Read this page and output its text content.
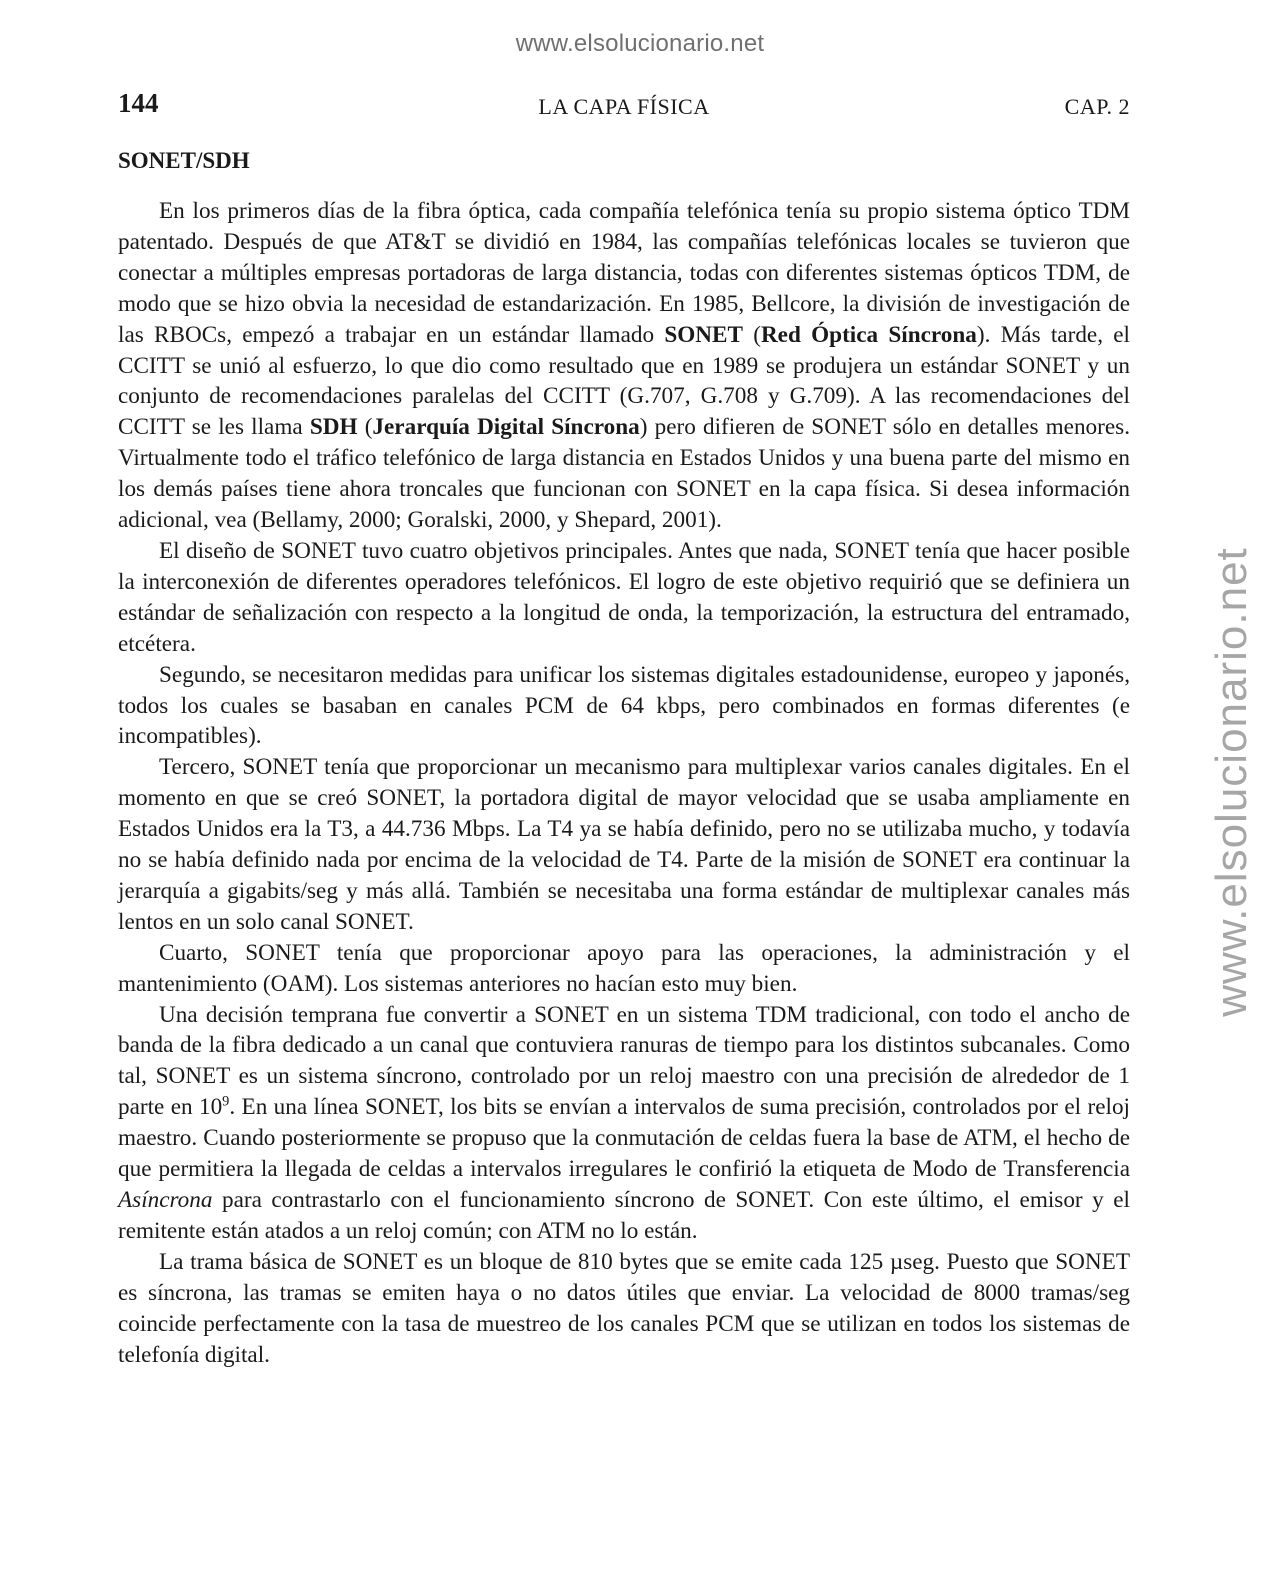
www.elsolucionario.net
www.elsolucionario.net
144	LA CAPA FÍSICA	CAP. 2
SONET/SDH

En los primeros días de la fibra óptica, cada compañía telefónica tenía su propio sistema óptico TDM patentado. Después de que AT&T se dividió en 1984, las compañías telefónicas locales se tuvieron que conectar a múltiples empresas portadoras de larga distancia, todas con diferentes sistemas ópticos TDM, de modo que se hizo obvia la necesidad de estandarización. En 1985, Bellcore, la división de investigación de las RBOCs, empezó a trabajar en un estándar llamado SONET (Red Óptica Síncrona). Más tarde, el CCITT se unió al esfuerzo, lo que dio como resultado que en 1989 se produjera un estándar SONET y un conjunto de recomendaciones paralelas del CCITT (G.707, G.708 y G.709). A las recomendaciones del CCITT se les llama SDH (Jerarquía Digital Síncrona) pero difieren de SONET sólo en detalles menores. Virtualmente todo el tráfico telefónico de larga distancia en Estados Unidos y una buena parte del mismo en los demás países tiene ahora troncales que funcionan con SONET en la capa física. Si desea información adicional, vea (Bellamy, 2000; Goralski, 2000, y Shepard, 2001).

El diseño de SONET tuvo cuatro objetivos principales. Antes que nada, SONET tenía que hacer posible la interconexión de diferentes operadores telefónicos. El logro de este objetivo requirió que se definiera un estándar de señalización con respecto a la longitud de onda, la temporización, la estructura del entramado, etcétera.

Segundo, se necesitaron medidas para unificar los sistemas digitales estadounidense, europeo y japonés, todos los cuales se basaban en canales PCM de 64 kbps, pero combinados en formas diferentes (e incompatibles).

Tercero, SONET tenía que proporcionar un mecanismo para multiplexar varios canales digitales. En el momento en que se creó SONET, la portadora digital de mayor velocidad que se usaba ampliamente en Estados Unidos era la T3, a 44.736 Mbps. La T4 ya se había definido, pero no se utilizaba mucho, y todavía no se había definido nada por encima de la velocidad de T4. Parte de la misión de SONET era continuar la jerarquía a gigabits/seg y más allá. También se necesitaba una forma estándar de multiplexar canales más lentos en un solo canal SONET.

Cuarto, SONET tenía que proporcionar apoyo para las operaciones, la administración y el mantenimiento (OAM). Los sistemas anteriores no hacían esto muy bien.

Una decisión temprana fue convertir a SONET en un sistema TDM tradicional, con todo el ancho de banda de la fibra dedicado a un canal que contuviera ranuras de tiempo para los distintos subcanales. Como tal, SONET es un sistema síncrono, controlado por un reloj maestro con una precisión de alrededor de 1 parte en $10^9$. En una línea SONET, los bits se envían a intervalos de suma precisión, controlados por el reloj maestro. Cuando posteriormente se propuso que la conmutación de celdas fuera la base de ATM, el hecho de que permitiera la llegada de celdas a intervalos irregulares le confirió la etiqueta de Modo de Transferencia Asíncrona para contrastarlo con el funcionamiento síncrono de SONET. Con este último, el emisor y el remitente están atados a un reloj común; con ATM no lo están.

La trama básica de SONET es un bloque de 810 bytes que se emite cada 125 µseg. Puesto que SONET es síncrona, las tramas se emiten haya o no datos útiles que enviar. La velocidad de 8000 tramas/seg coincide perfectamente con la tasa de muestreo de los canales PCM que se utilizan en todos los sistemas de telefonía digital.
